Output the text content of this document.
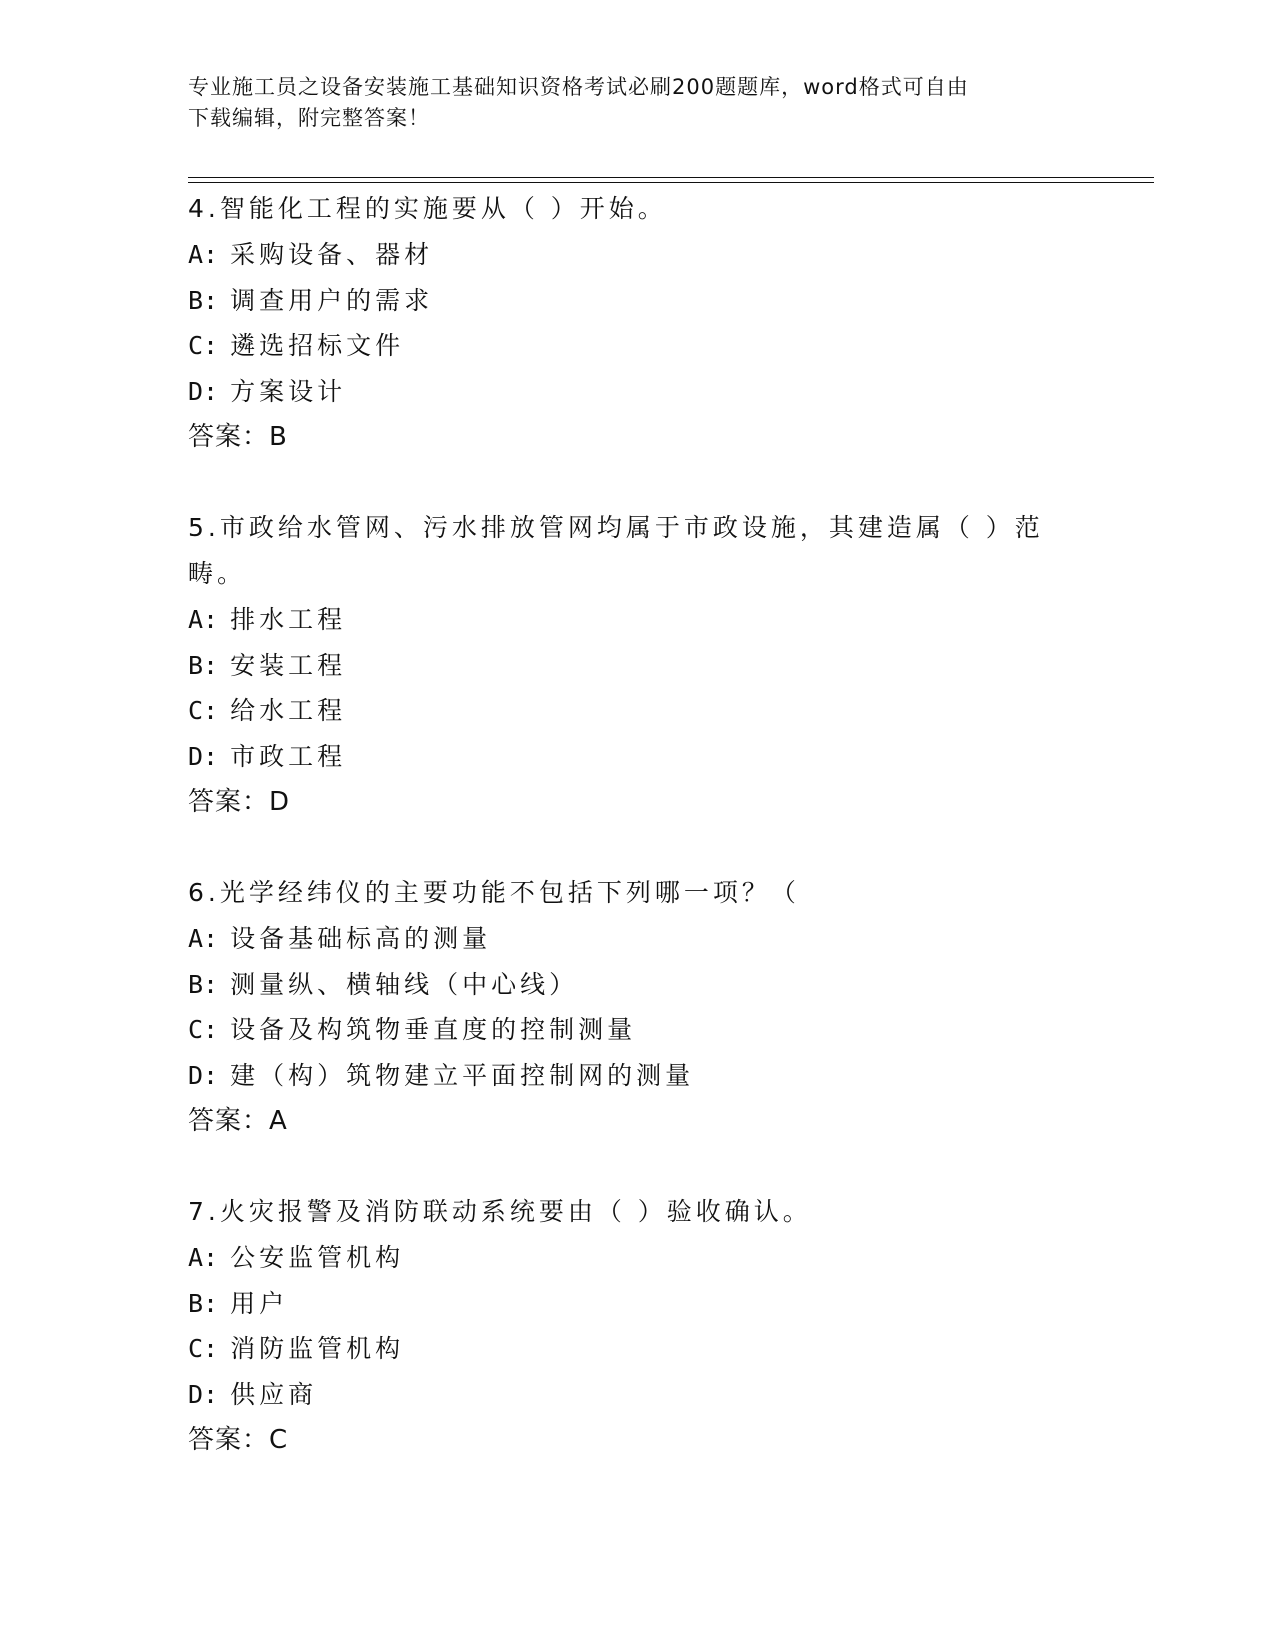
专业施工员之设备安装施工基础知识资格考试必刷200题题库，word格式可自由
下载编辑，附完整答案！
4.智能化工程的实施要从（ ）开始。
A: 采购设备、器材
B: 调查用户的需求
C: 遴选招标文件
D: 方案设计
答案：B
5.市政给水管网、污水排放管网均属于市政设施，其建造属（ ）范畴。
A: 排水工程
B: 安装工程
C: 给水工程
D: 市政工程
答案：D
6.光学经纬仪的主要功能不包括下列哪一项？（
A: 设备基础标高的测量
B: 测量纵、横轴线（中心线）
C: 设备及构筑物垂直度的控制测量
D: 建（构）筑物建立平面控制网的测量
答案：A
7.火灾报警及消防联动系统要由（ ）验收确认。
A: 公安监管机构
B: 用户
C: 消防监管机构
D: 供应商
答案：C
